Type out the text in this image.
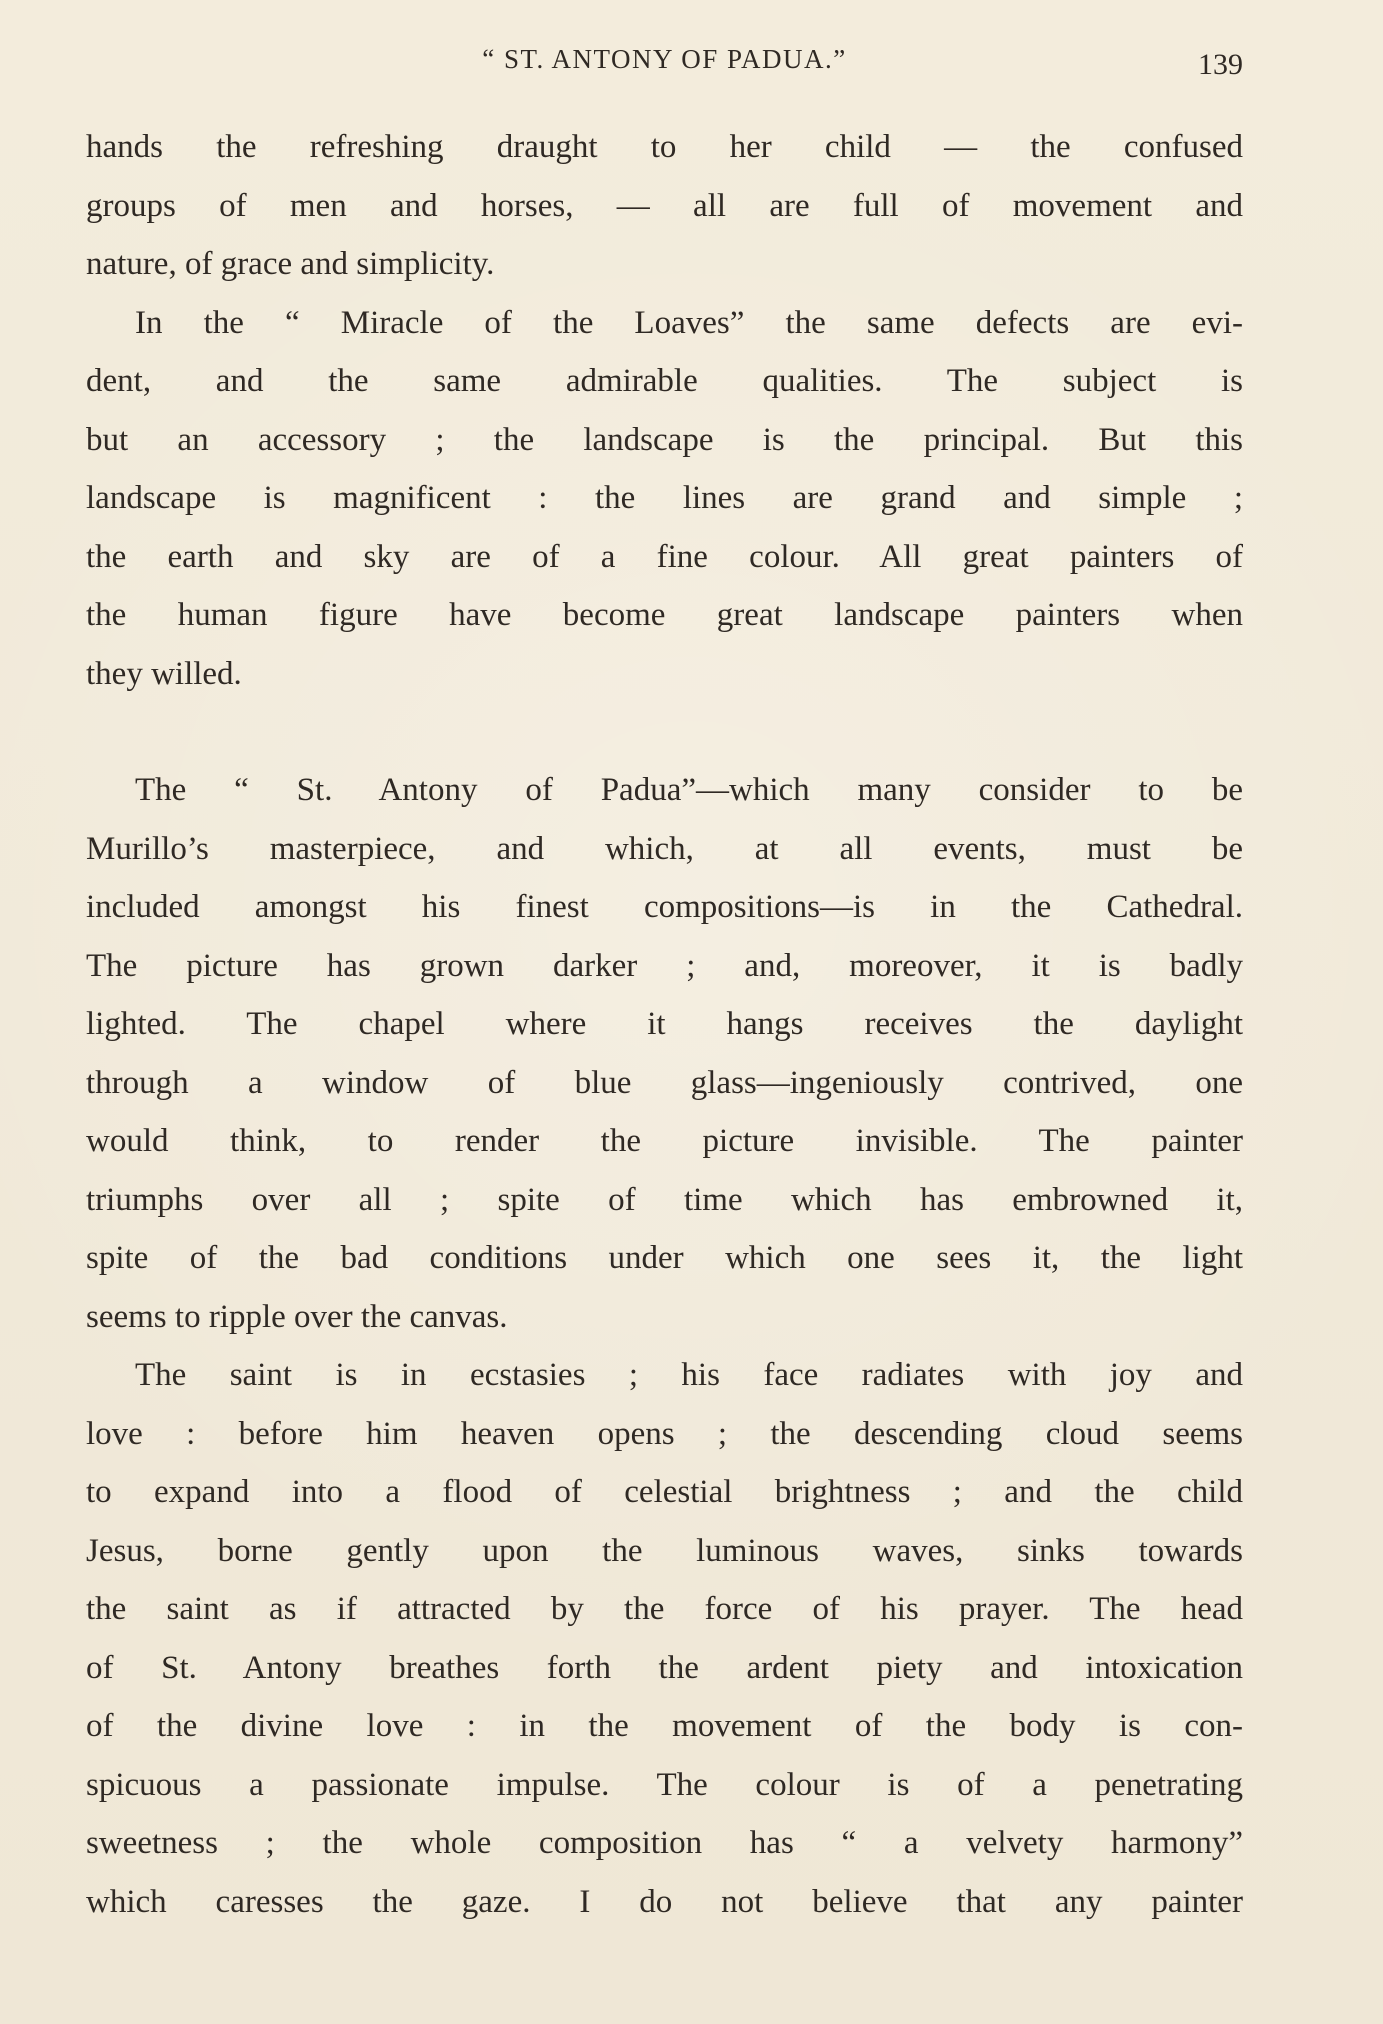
“ ST. ANTONY OF PADUA.”	139

hands the refreshing draught to her child — the confused
groups of men and horses, — all are full of movement and
nature, of grace and simplicity.

In the “ Miracle of the Loaves” the same defects are evi-
dent, and the same admirable qualities. The subject is
but an accessory ; the landscape is the principal. But this
landscape is magnificent : the lines are grand and simple ;
the earth and sky are of a fine colour. All great painters of
the human figure have become great landscape painters when
they willed.

The “ St. Antony of Padua”—which many consider to be
Murillo’s masterpiece, and which, at all events, must be
included amongst his finest compositions—is in the Cathedral.
The picture has grown darker ; and, moreover, it is badly
lighted. The chapel where it hangs receives the daylight
through a window of blue glass—ingeniously contrived, one
would think, to render the picture invisible. The painter
triumphs over all ; spite of time which has embrowned it,
spite of the bad conditions under which one sees it, the light
seems to ripple over the canvas.

The saint is in ecstasies ; his face radiates with joy and
love : before him heaven opens ; the descending cloud seems
to expand into a flood of celestial brightness ; and the child
Jesus, borne gently upon the luminous waves, sinks towards
the saint as if attracted by the force of his prayer. The head
of St. Antony breathes forth the ardent piety and intoxication
of the divine love : in the movement of the body is con-
spicuous a passionate impulse. The colour is of a penetrating
sweetness ; the whole composition has “ a velvety harmony”
which caresses the gaze. I do not believe that any painter
